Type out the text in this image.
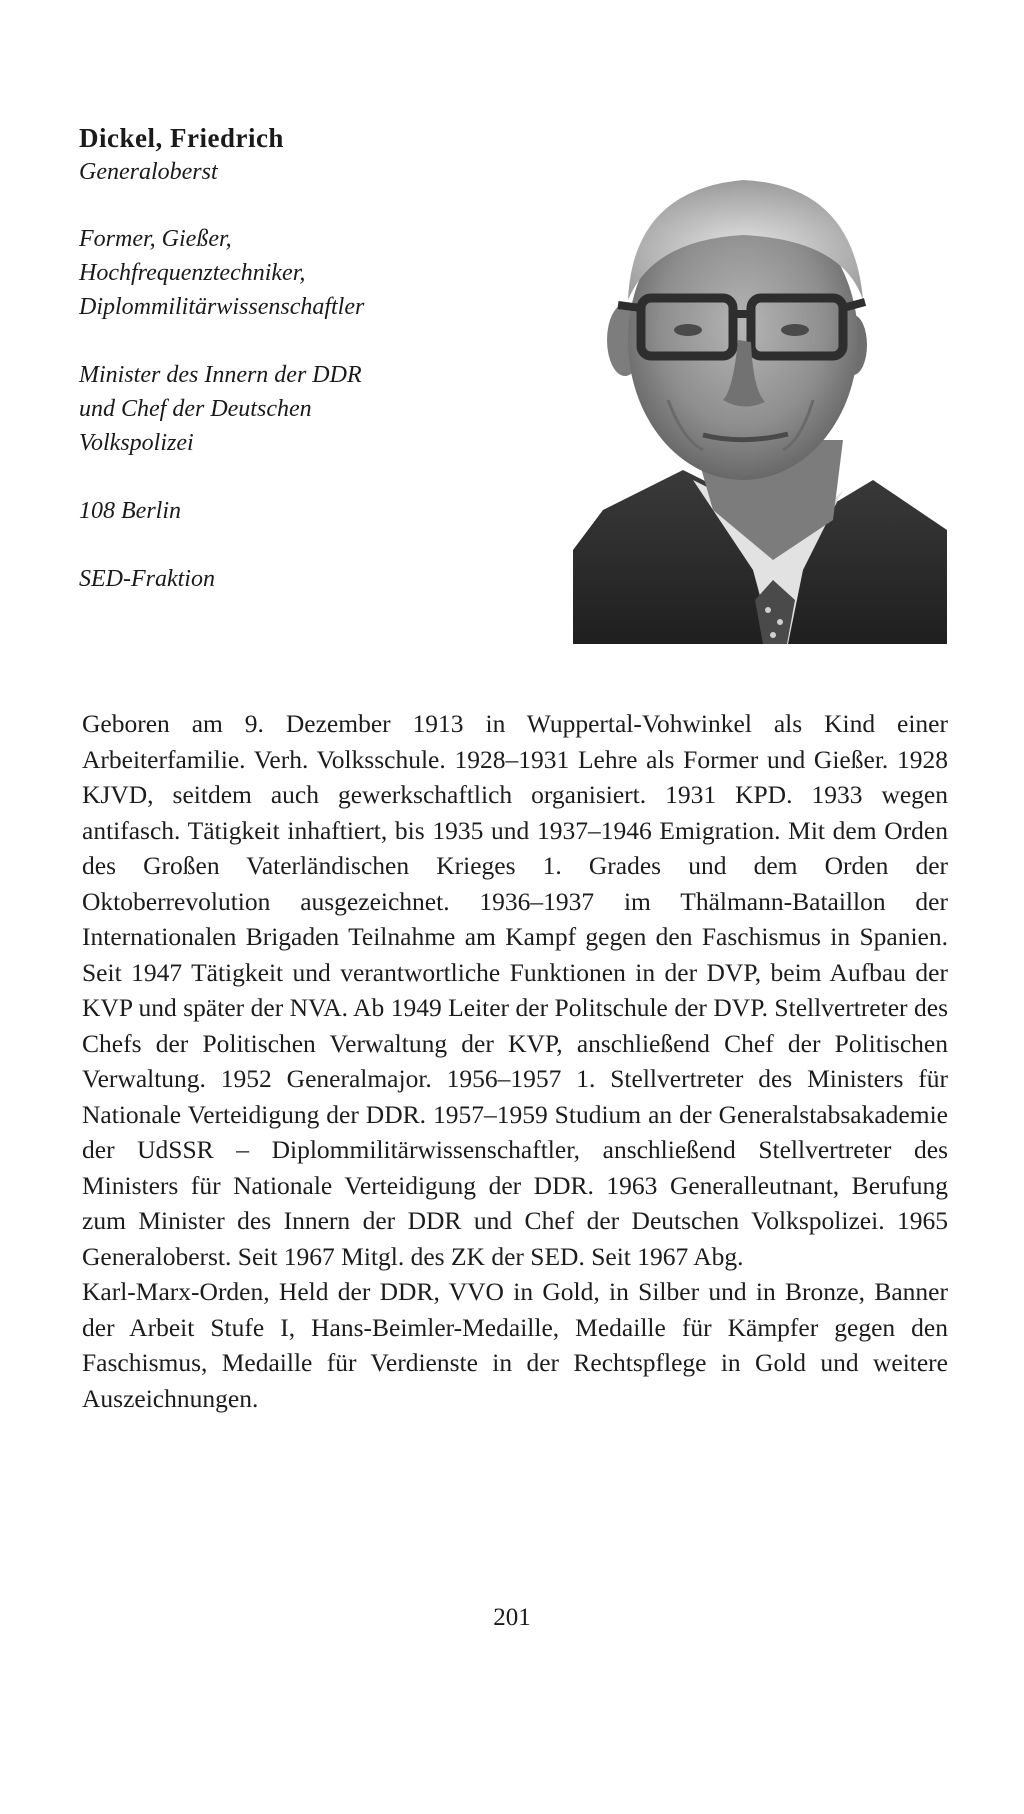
Dickel, Friedrich

Generaloberst

Former, Gießer,
Hochfrequenztechniker,
Diplommilitärwissenschaftler
Minister des Innern der DDR
und Chef der Deutschen
Volkspolizei
108 Berlin
SED-Fraktion

Geboren am 9. Dezember 1913 in Wuppertal-Vohwinkel als Kind einer Arbeiterfamilie. Verh. Volksschule. 1928–1931 Lehre als Former und Gießer. 1928 KJVD, seitdem auch gewerkschaftlich organisiert. 1931 KPD. 1933 wegen antifasch. Tätigkeit inhaftiert, bis 1935 und 1937–1946 Emigration. Mit dem Orden des Großen Vaterländischen Krieges 1. Grades und dem Orden der Oktoberrevolution ausgezeichnet. 1936–1937 im Thälmann-Bataillon der Internationalen Brigaden Teilnahme am Kampf gegen den Faschismus in Spanien. Seit 1947 Tätigkeit und verantwortliche Funktionen in der DVP, beim Aufbau der KVP und später der NVA. Ab 1949 Leiter der Politschule der DVP. Stellvertreter des Chefs der Politischen Verwaltung der KVP, anschließend Chef der Politischen Verwaltung. 1952 Generalmajor. 1956–1957 1. Stellvertreter des Ministers für Nationale Verteidigung der DDR. 1957–1959 Studium an der Generalstabsakademie der UdSSR – Diplommilitärwissenschaftler, anschließend Stellvertreter des Ministers für Nationale Verteidigung der DDR. 1963 Generalleutnant, Berufung zum Minister des Innern der DDR und Chef der Deutschen Volkspolizei. 1965 Generaloberst. Seit 1967 Mitgl. des ZK der SED. Seit 1967 Abg.

Karl-Marx-Orden, Held der DDR, VVO in Gold, in Silber und in Bronze, Banner der Arbeit Stufe I, Hans-Beimler-Medaille, Medaille für Kämpfer gegen den Faschismus, Medaille für Verdienste in der Rechtspflege in Gold und weitere Auszeichnungen.

201
